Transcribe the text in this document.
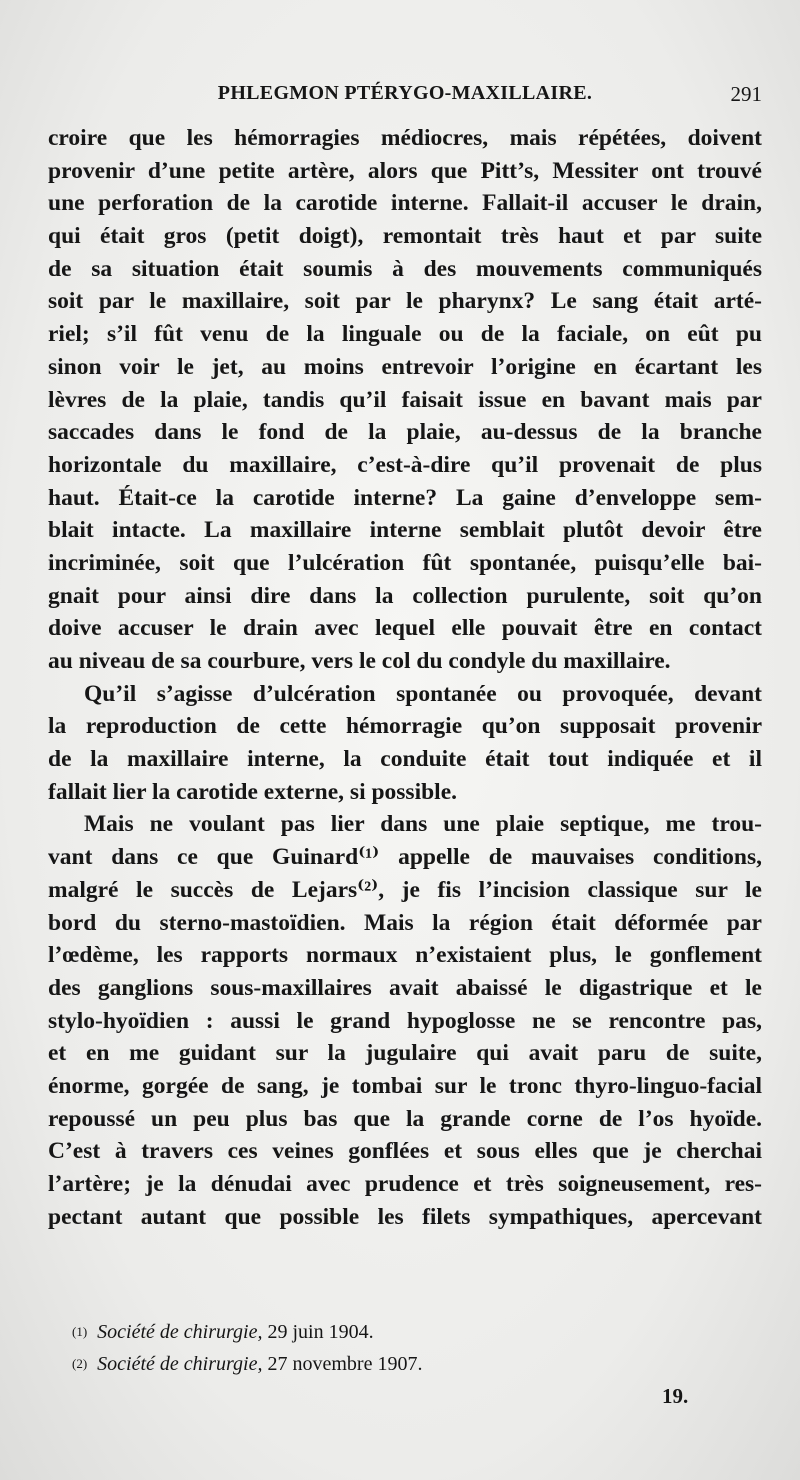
PHLEGMON PTÉRYGO-MAXILLAIRE.	291
croire que les hémorragies médiocres, mais répétées, doivent
provenir d’une petite artère, alors que Pitt’s, Messiter ont trouvé
une perforation de la carotide interne. Fallait-il accuser le drain,
qui était gros (petit doigt), remontait très haut et par suite
de sa situation était soumis à des mouvements communiqués
soit par le maxillaire, soit par le pharynx? Le sang était arté-
riel; s’il fût venu de la linguale ou de la faciale, on eût pu
sinon voir le jet, au moins entrevoir l’origine en écartant les
lèvres de la plaie, tandis qu’il faisait issue en bavant mais par
saccades dans le fond de la plaie, au-dessus de la branche
horizontale du maxillaire, c’est-à-dire qu’il provenait de plus
haut. Était-ce la carotide interne? La gaine d’enveloppe sem-
blait intacte. La maxillaire interne semblait plutôt devoir être
incriminée, soit que l’ulcération fût spontanée, puisqu’elle bai-
gnait pour ainsi dire dans la collection purulente, soit qu’on
doive accuser le drain avec lequel elle pouvait être en contact
au niveau de sa courbure, vers le col du condyle du maxillaire.
Qu’il s’agisse d’ulcération spontanée ou provoquée, devant
la reproduction de cette hémorragie qu’on supposait provenir
de la maxillaire interne, la conduite était tout indiquée et il
fallait lier la carotide externe, si possible.
Mais ne voulant pas lier dans une plaie septique, me trou-
vant dans ce que Guinard⁽¹⁾ appelle de mauvaises conditions,
malgré le succès de Lejars⁽²⁾, je fis l’incision classique sur le
bord du sterno-mastoïdien. Mais la région était déformée par
l’œdème, les rapports normaux n’existaient plus, le gonflement
des ganglions sous-maxillaires avait abaissé le digastrique et le
stylo-hyoïdien : aussi le grand hypoglosse ne se rencontre pas,
et en me guidant sur la jugulaire qui avait paru de suite,
énorme, gorgée de sang, je tombai sur le tronc thyro-linguo-facial
repoussé un peu plus bas que la grande corne de l’os hyoïde.
C’est à travers ces veines gonflées et sous elles que je cherchai
l’artère; je la dénudai avec prudence et très soigneusement, res-
pectant autant que possible les filets sympathiques, apercevant
$^{(1)}$ Société de chirurgie, 29 juin 1904.
$^{(2)}$ Société de chirurgie, 27 novembre 1907.
19.
